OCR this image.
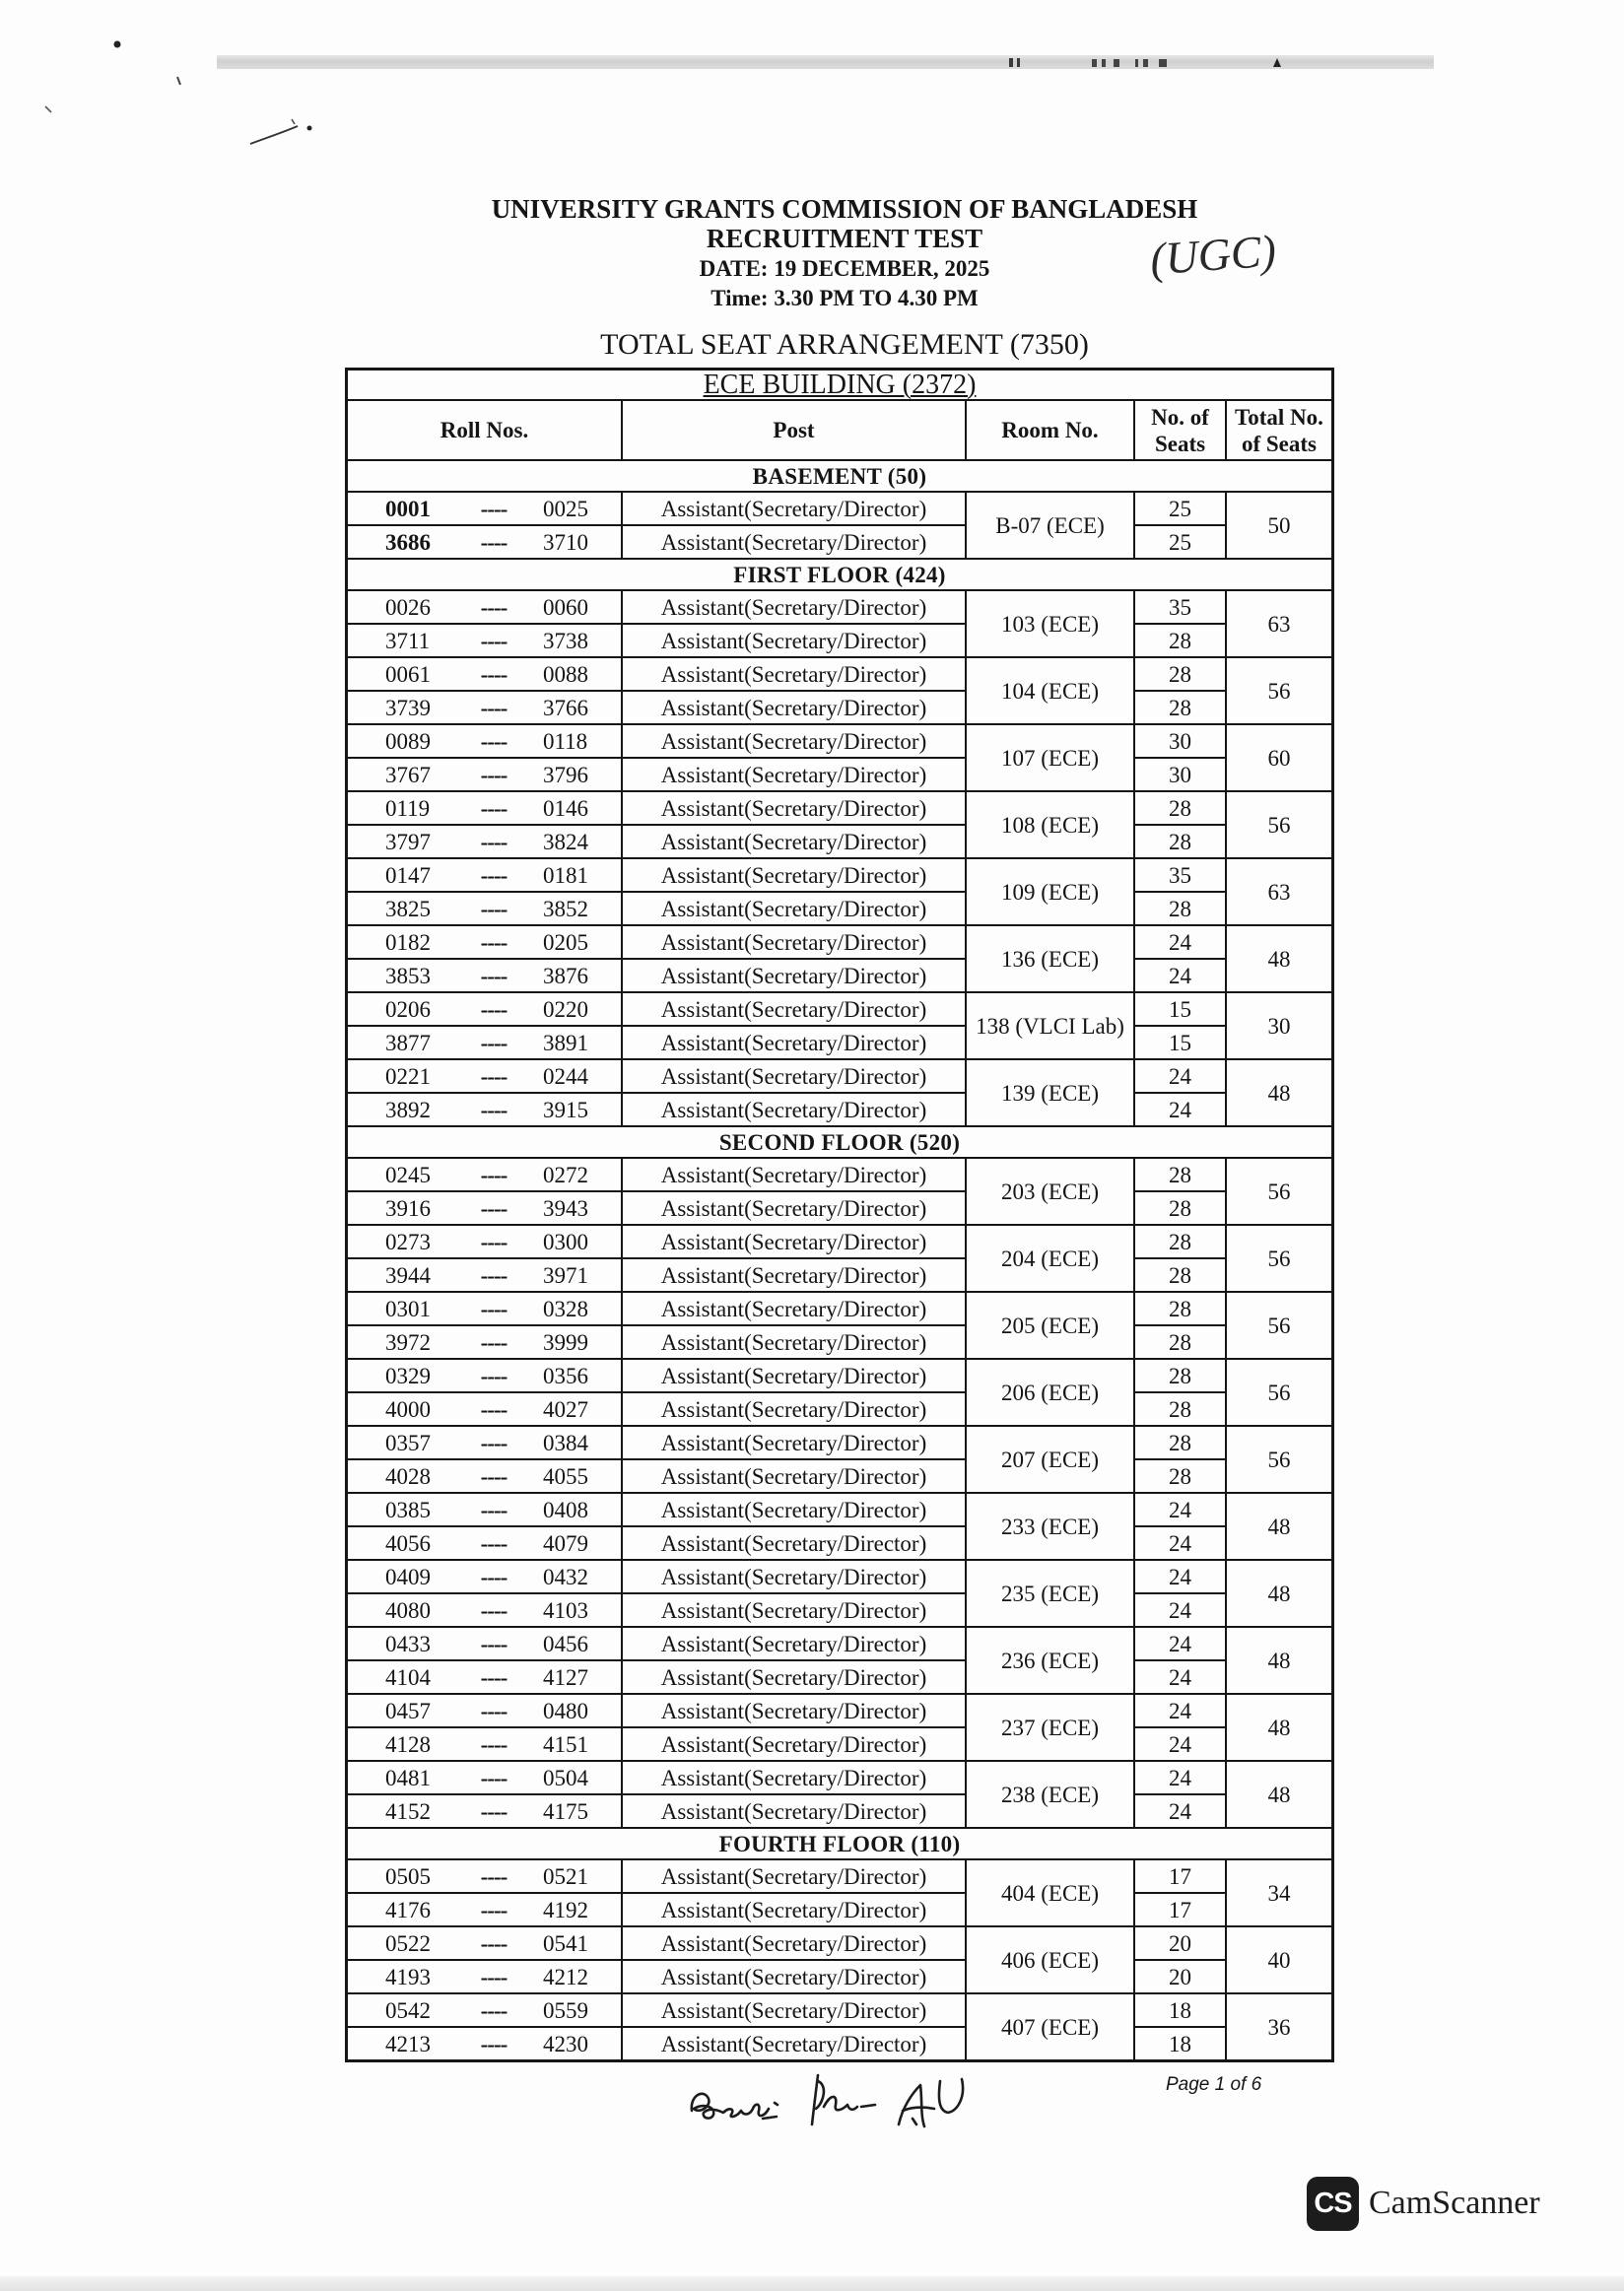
UNIVERSITY GRANTS COMMISSION OF BANGLADESH
RECRUITMENT TEST
DATE: 19 DECEMBER, 2025
Time: 3.30 PM TO 4.30 PM
(UGC)
TOTAL SEAT ARRANGEMENT (7350)
ECE BUILDING (2372)
Roll Nos.	Post	Room No.
No. of
Seats
Total No.
of Seats
BASEMENT (50)
0001	----	0025	Assistant(Secretary/Director)	25
3686	----	3710	Assistant(Secretary/Director)	25
B-07 (ECE)	50
FIRST FLOOR (424)
0026	----	0060	Assistant(Secretary/Director)	35
3711	----	3738	Assistant(Secretary/Director)	28
103 (ECE)	63
0061	----	0088	Assistant(Secretary/Director)	28
3739	----	3766	Assistant(Secretary/Director)	28
104 (ECE)	56
0089	----	0118	Assistant(Secretary/Director)	30
3767	----	3796	Assistant(Secretary/Director)	30
107 (ECE)	60
0119	----	0146	Assistant(Secretary/Director)	28
3797	----	3824	Assistant(Secretary/Director)	28
108 (ECE)	56
0147	----	0181	Assistant(Secretary/Director)	35
3825	----	3852	Assistant(Secretary/Director)	28
109 (ECE)	63
0182	----	0205	Assistant(Secretary/Director)	24
3853	----	3876	Assistant(Secretary/Director)	24
136 (ECE)	48
0206	----	0220	Assistant(Secretary/Director)	15
3877	----	3891	Assistant(Secretary/Director)	15
138 (VLCI Lab)	30
0221	----	0244	Assistant(Secretary/Director)	24
3892	----	3915	Assistant(Secretary/Director)	24
139 (ECE)	48
SECOND FLOOR (520)
0245	----	0272	Assistant(Secretary/Director)	28
3916	----	3943	Assistant(Secretary/Director)	28
203 (ECE)	56
0273	----	0300	Assistant(Secretary/Director)	28
3944	----	3971	Assistant(Secretary/Director)	28
204 (ECE)	56
0301	----	0328	Assistant(Secretary/Director)	28
3972	----	3999	Assistant(Secretary/Director)	28
205 (ECE)	56
0329	----	0356	Assistant(Secretary/Director)	28
4000	----	4027	Assistant(Secretary/Director)	28
206 (ECE)	56
0357	----	0384	Assistant(Secretary/Director)	28
4028	----	4055	Assistant(Secretary/Director)	28
207 (ECE)	56
0385	----	0408	Assistant(Secretary/Director)	24
4056	----	4079	Assistant(Secretary/Director)	24
233 (ECE)	48
0409	----	0432	Assistant(Secretary/Director)	24
4080	----	4103	Assistant(Secretary/Director)	24
235 (ECE)	48
0433	----	0456	Assistant(Secretary/Director)	24
4104	----	4127	Assistant(Secretary/Director)	24
236 (ECE)	48
0457	----	0480	Assistant(Secretary/Director)	24
4128	----	4151	Assistant(Secretary/Director)	24
237 (ECE)	48
0481	----	0504	Assistant(Secretary/Director)	24
4152	----	4175	Assistant(Secretary/Director)	24
238 (ECE)	48
FOURTH FLOOR (110)
0505	----	0521	Assistant(Secretary/Director)	17
4176	----	4192	Assistant(Secretary/Director)	17
404 (ECE)	34
0522	----	0541	Assistant(Secretary/Director)	20
4193	----	4212	Assistant(Secretary/Director)	20
406 (ECE)	40
0542	----	0559	Assistant(Secretary/Director)	18
4213	----	4230	Assistant(Secretary/Director)	18
407 (ECE)	36
Page 1 of 6
CS CamScanner
